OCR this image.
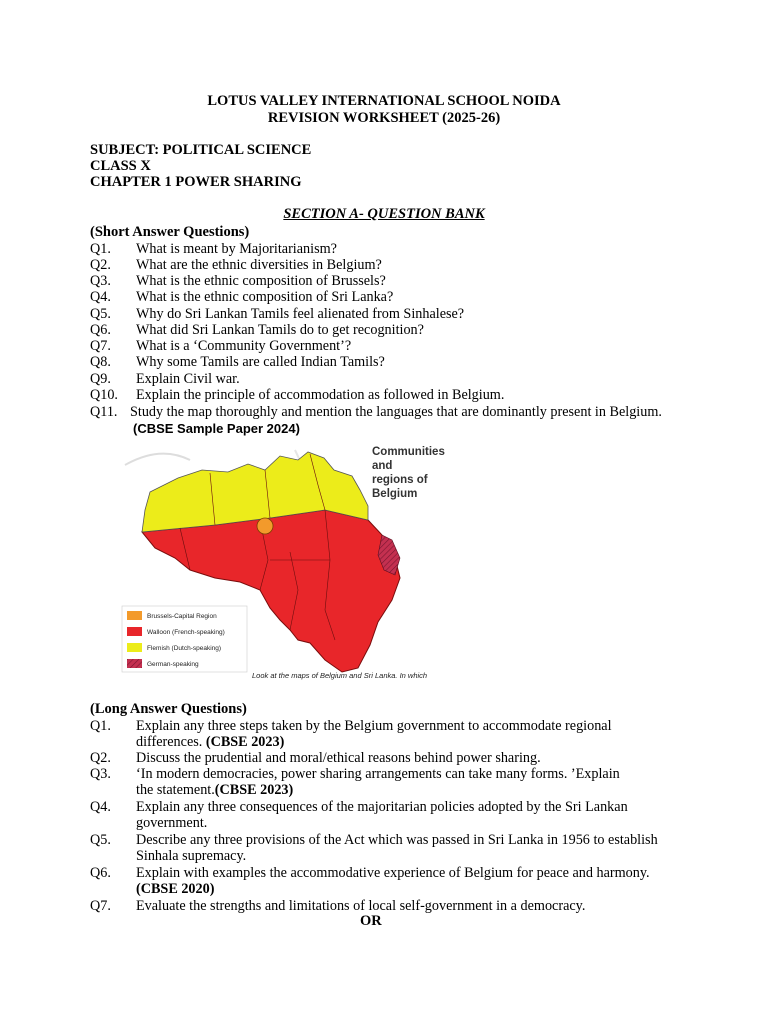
LOTUS VALLEY INTERNATIONAL SCHOOL NOIDA
REVISION WORKSHEET (2025-26)
SUBJECT: POLITICAL SCIENCE
CLASS X
CHAPTER 1 POWER SHARING
SECTION A- QUESTION BANK
(Short Answer Questions)
Q1. What is meant by Majoritarianism?
Q2. What are the ethnic diversities in Belgium?
Q3. What is the ethnic composition of Brussels?
Q4. What is the ethnic composition of Sri Lanka?
Q5. Why do Sri Lankan Tamils feel alienated from Sinhalese?
Q6. What did Sri Lankan Tamils do to get recognition?
Q7. What is a ‘Community Government’?
Q8. Why some Tamils are called Indian Tamils?
Q9. Explain Civil war.
Q10. Explain the principle of accommodation as followed in Belgium.
Q11. Study the map thoroughly and mention the languages that are dominantly present in Belgium.
(CBSE Sample Paper 2024)
Communities
and
regions of
Belgium
Brussels-Capital Region
Walloon (French-speaking)
Flemish (Dutch-speaking)
German-speaking
Look at the maps of Belgium and Sri Lanka. In which
(Long Answer Questions)
Q1. Explain any three steps taken by the Belgium government to accommodate regional
differences. (CBSE 2023)
Q2. Discuss the prudential and moral/ethical reasons behind power sharing.
Q3. ‘In modern democracies, power sharing arrangements can take many forms. ’Explain
the statement.(CBSE 2023)
Q4. Explain any three consequences of the majoritarian policies adopted by the Sri Lankan
government.
Q5. Describe any three provisions of the Act which was passed in Sri Lanka in 1956 to establish
Sinhala supremacy.
Q6. Explain with examples the accommodative experience of Belgium for peace and harmony.
(CBSE 2020)
Q7. Evaluate the strengths and limitations of local self-government in a democracy.
OR
